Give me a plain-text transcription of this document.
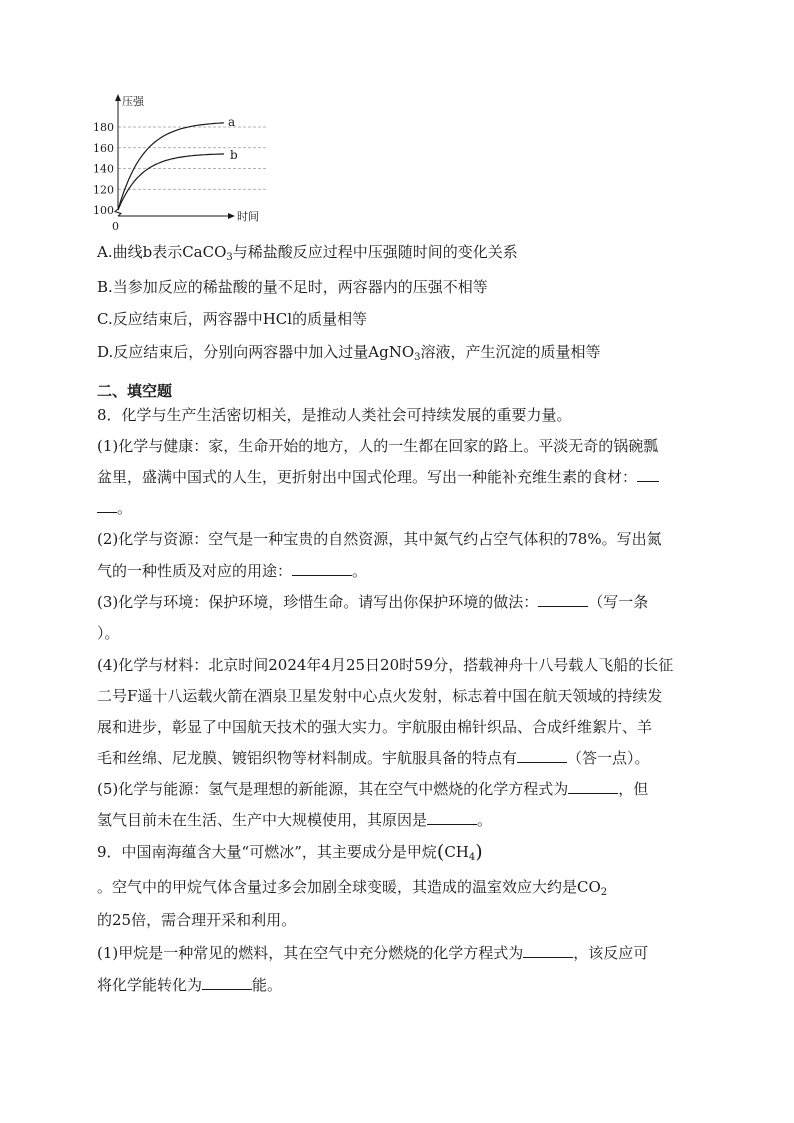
压强
时间
0
180
160
140
120
100
a
b
A.曲线b表示CaCO$_3$与稀盐酸反应过程中压强随时间的变化关系
B.当参加反应的稀盐酸的量不足时，两容器内的压强不相等
C.反应结束后，两容器中HCl的质量相等
D.反应结束后，分别向两容器中加入过量AgNO$_3$溶液，产生沉淀的质量相等
二、填空题
8．化学与生产生活密切相关，是推动人类社会可持续发展的重要力量。
(1)化学与健康：家，生命开始的地方，人的一生都在回家的路上。平淡无奇的锅碗瓢
盆里，盛满中国式的人生，更折射出中国式伦理。写出一种能补充维生素的食材：
。
(2)化学与资源：空气是一种宝贵的自然资源，其中氮气约占空气体积的78%。写出氮
气的一种性质及对应的用途：	。
(3)化学与环境：保护环境，珍惜生命。请写出你保护环境的做法：	（写一条
）。
(4)化学与材料：北京时间2024年4月25日20时59分，搭载神舟十八号载人飞船的长征
二号F遥十八运载火箭在酒泉卫星发射中心点火发射，标志着中国在航天领域的持续发
展和进步，彰显了中国航天技术的强大实力。宇航服由棉针织品、合成纤维絮片、羊
毛和丝绵、尼龙膜、镀铝织物等材料制成。宇航服具备的特点有	（答一点）。
(5)化学与能源：氢气是理想的新能源，其在空气中燃烧的化学方程式为	，但
氢气目前未在生活、生产中大规模使用，其原因是	。
9．中国南海蕴含大量“可燃冰”，其主要成分是甲烷$(CH_4)$
。空气中的甲烷气体含量过多会加剧全球变暖，其造成的温室效应大约是$CO_2$
的25倍，需合理开采和利用。
(1)甲烷是一种常见的燃料，其在空气中充分燃烧的化学方程式为	，该反应可
将化学能转化为	能。
